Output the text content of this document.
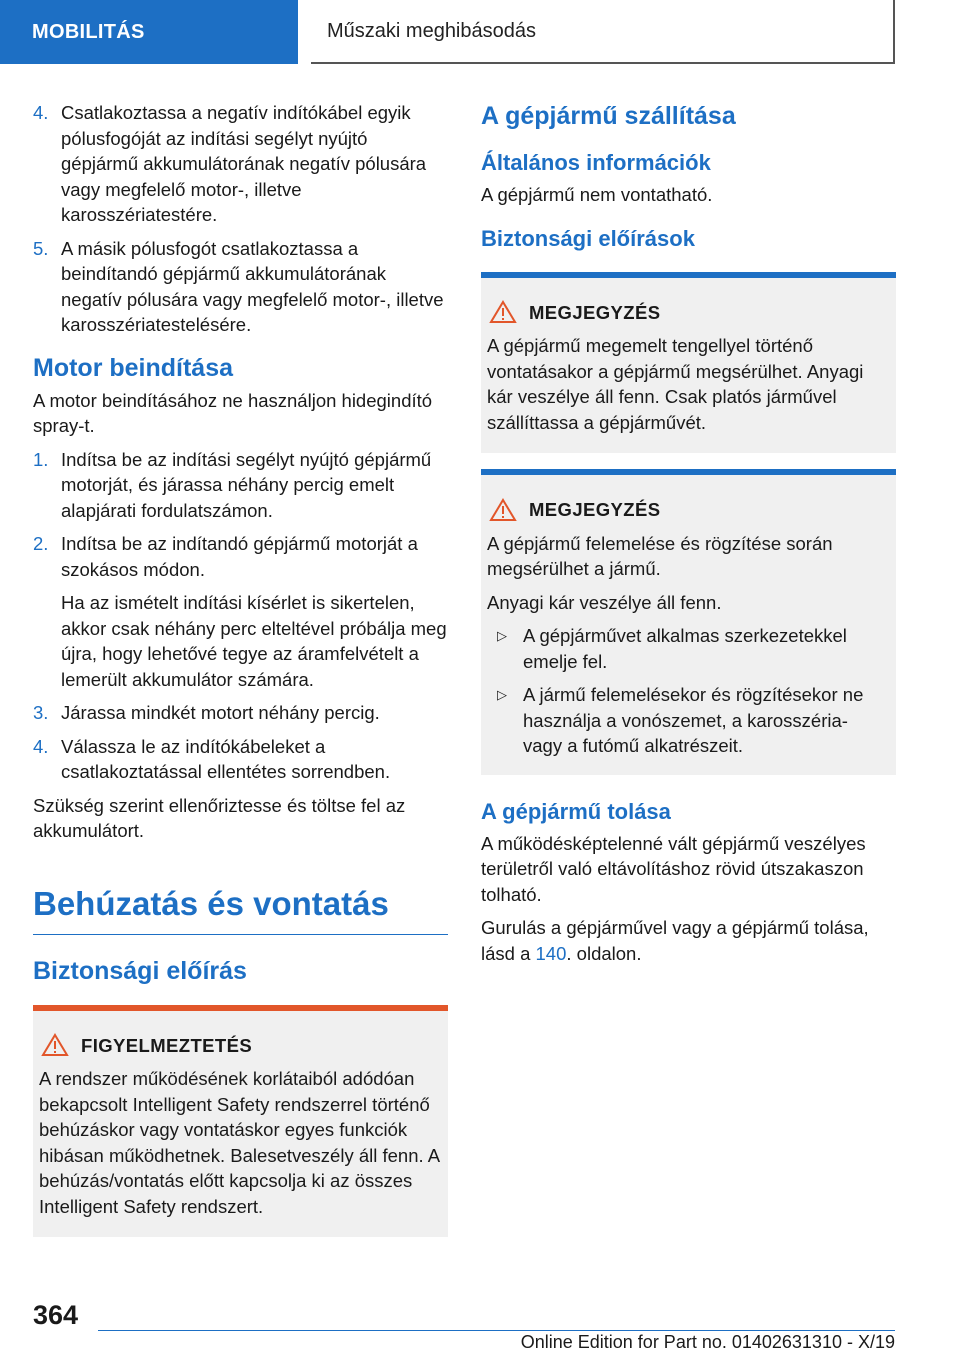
MOBILITÁS	Műszaki meghibásodás
4. Csatlakoztassa a negatív indítókábel egyik pólusfogóját az indítási segélyt nyújtó gépjármű akkumulátorának negatív pólusára vagy megfelelő motor-, illetve karosszériatestére.
5. A másik pólusfogót csatlakoztassa a beindítandó gépjármű akkumulátorának negatív pólusára vagy megfelelő motor-, illetve karosszériatestelésére.
Motor beindítása

A motor beindításához ne használjon hidegindító spray-t.

1. Indítsa be az indítási segélyt nyújtó gépjármű motorját, és járassa néhány percig emelt alapjárati fordulatszámon.
2. Indítsa be az indítandó gépjármű motorját a szokásos módon.
Ha az ismételt indítási kísérlet is sikertelen, akkor csak néhány perc elteltével próbálja meg újra, hogy lehetővé tegye az áramfelvételt a lemerült akkumulátor számára.
3. Járassa mindkét motort néhány percig.
4. Válassza le az indítókábeleket a csatlakoztatással ellentétes sorrendben.

Szükség szerint ellenőriztesse és töltse fel az akkumulátort.

Behúzatás és vontatás
Biztonsági előírás
FIGYELMEZTETÉS
A rendszer működésének korlátaiból adódóan bekapcsolt Intelligent Safety rendszerrel történő behúzáskor vagy vontatáskor egyes funkciók hibásan működhetnek. Balesetveszély áll fenn. A behúzás/vontatás előtt kapcsolja ki az összes Intelligent Safety rendszert.
A gépjármű szállítása
Általános információk

A gépjármű nem vontatható.

Biztonsági előírások
MEGJEGYZÉS
A gépjármű megemelt tengellyel történő vontatásakor a gépjármű megsérülhet. Anyagi kár veszélye áll fenn. Csak platós járművel szállíttassa a gépjárművét.
MEGJEGYZÉS

A gépjármű felemelése és rögzítése során megsérülhet a jármű.

Anyagi kár veszélye áll fenn.

▷ A gépjárművet alkalmas szerkezetekkel emelje fel.
▷ A jármű felemelésekor és rögzítésekor ne használja a vonószemet, a karosszéria- vagy a futómű alkatrészeit.
A gépjármű tolása

A működésképtelenné vált gépjármű veszélyes területről való eltávolításhoz rövid útszakaszon tolható.

Gurulás a gépjárművel vagy a gépjármű tolása, lásd a 140. oldalon.

364
Online Edition for Part no. 01402631310 - X/19
